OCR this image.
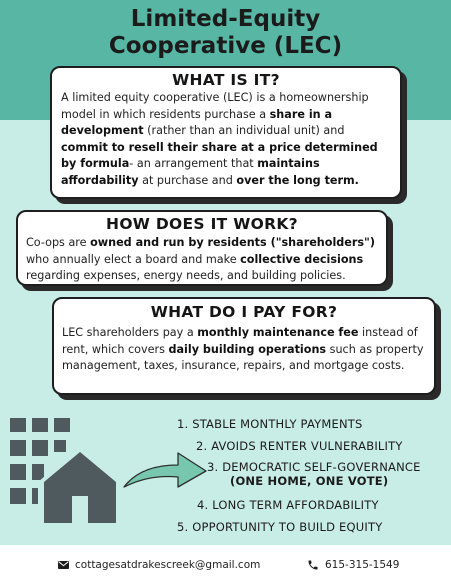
Limited-Equity
Cooperative (LEC)
WHAT IS IT?

A limited equity cooperative (LEC) is a homeownership model in which residents purchase a share in a development (rather than an individual unit) and commit to resell their share at a price determined by formula- an arrangement that maintains affordability at purchase and over the long term.

HOW DOES IT WORK?

Co-ops are owned and run by residents ("shareholders") who annually elect a board and make collective decisions regarding expenses, energy needs, and building policies.

WHAT DO I PAY FOR?

LEC shareholders pay a monthly maintenance fee instead of rent, which covers daily building operations such as property management, taxes, insurance, repairs, and mortgage costs.

1. STABLE MONTHLY PAYMENTS
2. AVOIDS RENTER VULNERABILITY
3. DEMOCRATIC SELF-GOVERNANCE
(ONE HOME, ONE VOTE)
4. LONG TERM AFFORDABILITY
5. OPPORTUNITY TO BUILD EQUITY
cottagesatdrakescreek@gmail.com	615-315-1549
